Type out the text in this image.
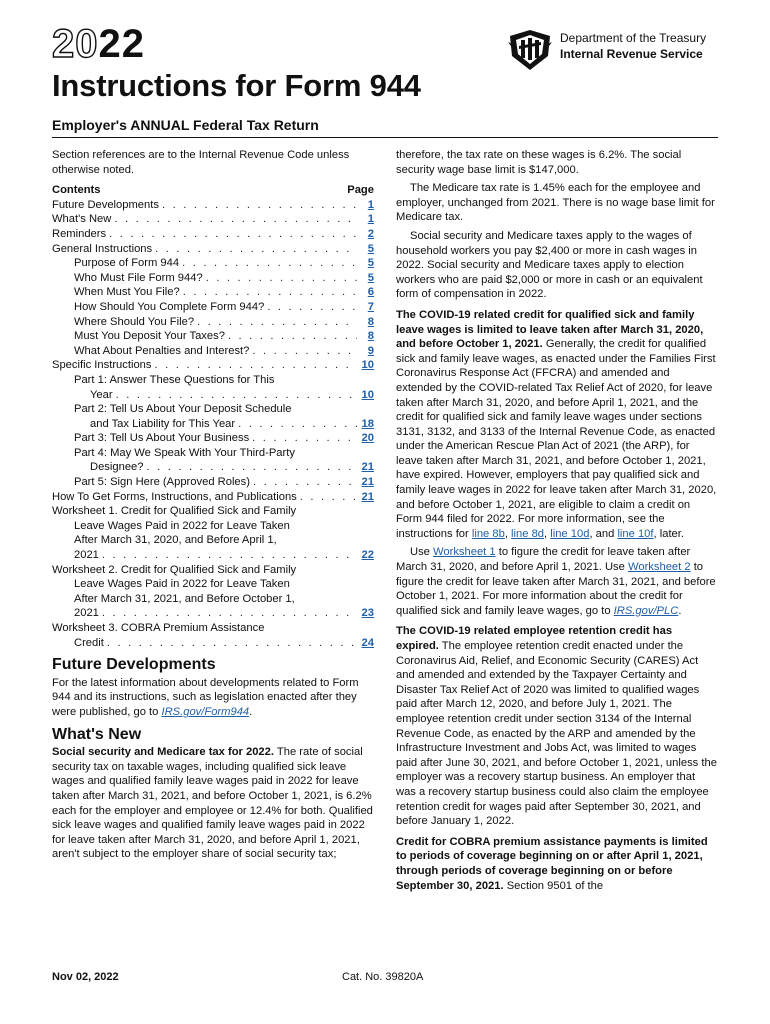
2022
Instructions for Form 944
Department of the Treasury
Internal Revenue Service
Employer's ANNUAL Federal Tax Return

Section references are to the Internal Revenue Code unless otherwise noted.

Contents	Page
Future Developments . . .	1
What's New . . .	1
Reminders . . .	2
General Instructions . . .	5
Purpose of Form 944 . . .	5
Who Must File Form 944? . . .	5
When Must You File? . . .	6
How Should You Complete Form 944? . . .	7
Where Should You File? . . .	8
Must You Deposit Your Taxes? . . .	8
What About Penalties and Interest? . . .	9
Specific Instructions . . .	10
Part 1: Answer These Questions for This
Year . . .	10
Part 2: Tell Us About Your Deposit Schedule
and Tax Liability for This Year . . .	18
Part 3: Tell Us About Your Business . . .	20
Part 4: May We Speak With Your Third-Party
Designee? . . .	21
Part 5: Sign Here (Approved Roles) . . .	21
How To Get Forms, Instructions, and Publications . . .	21
Worksheet 1. Credit for Qualified Sick and Family
Leave Wages Paid in 2022 for Leave Taken
After March 31, 2020, and Before April 1,
2021 . . .	22
Worksheet 2. Credit for Qualified Sick and Family
Leave Wages Paid in 2022 for Leave Taken
After March 31, 2021, and Before October 1,
2021 . . .	23
Worksheet 3. COBRA Premium Assistance
Credit . . .	24
Future Developments

For the latest information about developments related to Form 944 and its instructions, such as legislation enacted after they were published, go to IRS.gov/Form944.

What's New

Social security and Medicare tax for 2022. The rate of social security tax on taxable wages, including qualified sick leave wages and qualified family leave wages paid in 2022 for leave taken after March 31, 2021, and before October 1, 2021, is 6.2% each for the employer and employee or 12.4% for both. Qualified sick leave wages and qualified family leave wages paid in 2022 for leave taken after March 31, 2020, and before April 1, 2021, aren't subject to the employer share of social security tax;

therefore, the tax rate on these wages is 6.2%. The social security wage base limit is $147,000.

The Medicare tax rate is 1.45% each for the employee and employer, unchanged from 2021. There is no wage base limit for Medicare tax.

Social security and Medicare taxes apply to the wages of household workers you pay $2,400 or more in cash wages in 2022. Social security and Medicare taxes apply to election workers who are paid $2,000 or more in cash or an equivalent form of compensation in 2022.

The COVID-19 related credit for qualified sick and family leave wages is limited to leave taken after March 31, 2020, and before October 1, 2021. Generally, the credit for qualified sick and family leave wages, as enacted under the Families First Coronavirus Response Act (FFCRA) and amended and extended by the COVID-related Tax Relief Act of 2020, for leave taken after March 31, 2020, and before April 1, 2021, and the credit for qualified sick and family leave wages under sections 3131, 3132, and 3133 of the Internal Revenue Code, as enacted under the American Rescue Plan Act of 2021 (the ARP), for leave taken after March 31, 2021, and before October 1, 2021, have expired. However, employers that pay qualified sick and family leave wages in 2022 for leave taken after March 31, 2020, and before October 1, 2021, are eligible to claim a credit on Form 944 filed for 2022. For more information, see the instructions for line 8b, line 8d, line 10d, and line 10f, later.

Use Worksheet 1 to figure the credit for leave taken after March 31, 2020, and before April 1, 2021. Use Worksheet 2 to figure the credit for leave taken after March 31, 2021, and before October 1, 2021. For more information about the credit for qualified sick and family leave wages, go to IRS.gov/PLC.

The COVID-19 related employee retention credit has expired. The employee retention credit enacted under the Coronavirus Aid, Relief, and Economic Security (CARES) Act and amended and extended by the Taxpayer Certainty and Disaster Tax Relief Act of 2020 was limited to qualified wages paid after March 12, 2020, and before July 1, 2021. The employee retention credit under section 3134 of the Internal Revenue Code, as enacted by the ARP and amended by the Infrastructure Investment and Jobs Act, was limited to wages paid after June 30, 2021, and before October 1, 2021, unless the employer was a recovery startup business. An employer that was a recovery startup business could also claim the employee retention credit for wages paid after September 30, 2021, and before January 1, 2022.

Credit for COBRA premium assistance payments is limited to periods of coverage beginning on or after April 1, 2021, through periods of coverage beginning on or before September 30, 2021. Section 9501 of the

Nov 02, 2022	Cat. No. 39820A
